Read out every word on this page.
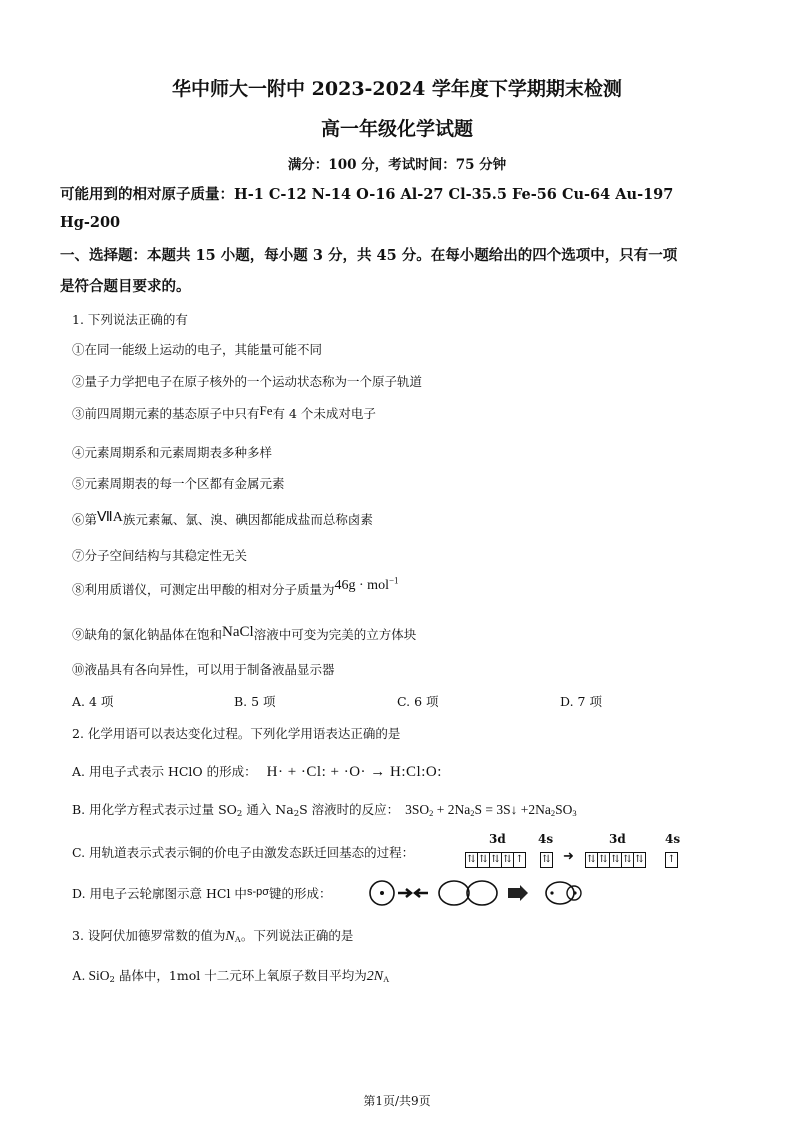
华中师大一附中 2023-2024 学年度下学期期末检测
高一年级化学试题
满分：100 分，考试时间：75 分钟
可能用到的相对原子质量：H-1 C-12 N-14 O-16 Al-27 Cl-35.5 Fe-56 Cu-64 Au-197
Hg-200
一、选择题：本题共 15 小题，每小题 3 分，共 45 分。在每小题给出的四个选项中，只有一项
是符合题目要求的。
1. 下列说法正确的有
①在同一能级上运动的电子，其能量可能不同
②量子力学把电子在原子核外的一个运动状态称为一个原子轨道
③前四周期元素的基态原子中只有Fe有 4 个未成对电子
④元素周期系和元素周期表多种多样
⑤元素周期表的每一个区都有金属元素
⑥第ⅦA族元素氟、氯、溴、碘因都能成盐而总称卤素
⑦分子空间结构与其稳定性无关
⑧利用质谱仪，可测定出甲酸的相对分子质量为46g · mol$^{-1}$
⑨缺角的氯化钠晶体在饱和NaCl溶液中可变为完美的立方体块
⑩液晶具有各向异性，可以用于制备液晶显示器
A. 4 项	B. 5 项	C. 6 项	D. 7 项
2. 化学用语可以表达变化过程。下列化学用语表达正确的是
A. 用电子式表示 HClO 的形成： H· + ·Cl: + ·O· → H:Cl:O:
B. 用化学方程式表示过量 $SO_2$ 通入 $Na_2S$ 溶液时的反应： $3SO_2 + 2Na_2S$ = 3S↓ $+2Na_2SO_3$
C. 用轨道表示式表示铜的价电子由激发态跃迁回基态的过程：
3d	4s
⇅ ⇅ ⇅ ⇅ ↑ ⇅ ➜
3d	4s
⇅ ⇅ ⇅ ⇅ ⇅ ↑
D. 用电子云轮廓图示意 HCl 中s-pσ键的形成：
3. 设阿伏加德罗常数的值为$N_A$。下列说法正确的是
A. SiO$_2$ 晶体中，1mol 十二元环上氧原子数目平均为$2N_A$
第1页/共9页
